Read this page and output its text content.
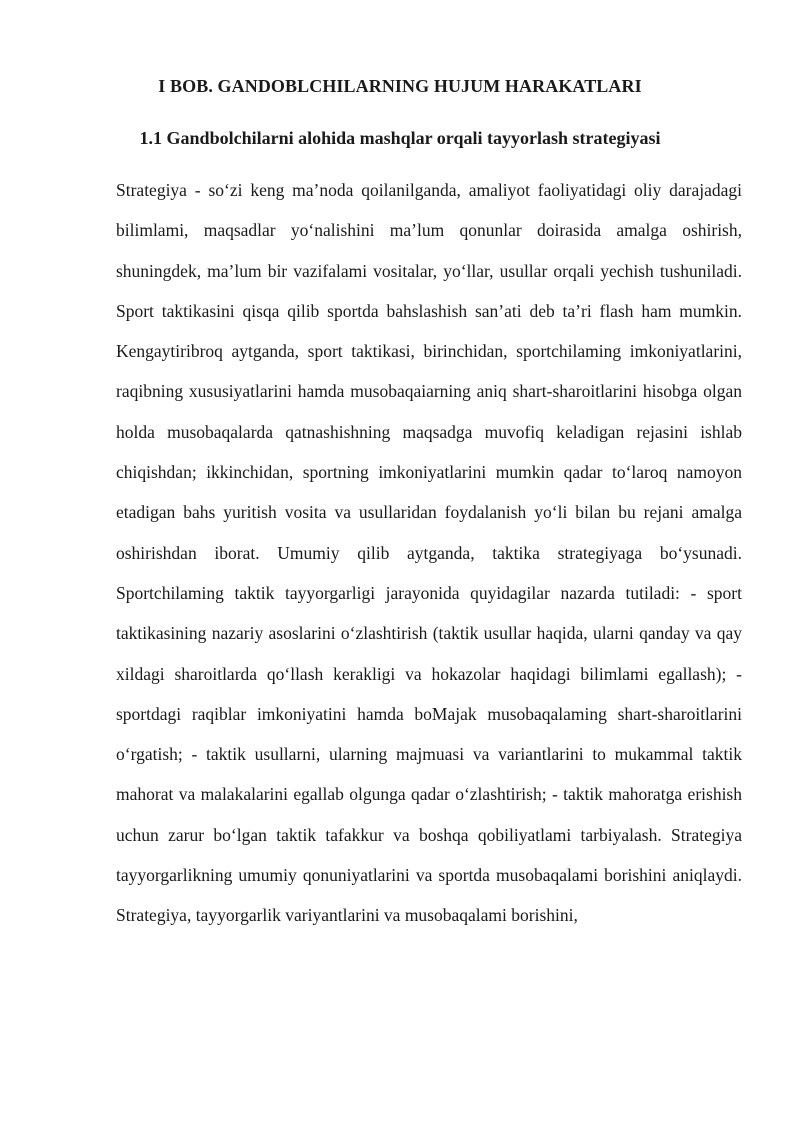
I BOB. GANDOBLCHILARNING HUJUM HARAKATLARI
1.1 Gandbolchilarni alohida mashqlar orqali tayyorlash strategiyasi

Strategiya - so‘zi keng ma’noda qoilanilganda, amaliyot faoliyatidagi oliy darajadagi bilimlami, maqsadlar yo‘nalishini ma’lum qonunlar doirasida amalga oshirish, shuningdek, ma’lum bir vazifalami vositalar, yo‘llar, usullar orqali yechish tushuniladi. Sport taktikasini qisqa qilib sportda bahslashish san’ati deb ta’ri flash ham mumkin. Kengaytiribroq aytganda, sport taktikasi, birinchidan, sportchilaming imkoniyatlarini, raqibning xususiyatlarini hamda musobaqaiarning aniq shart-sharoitlarini hisobga olgan holda musobaqalarda qatnashishning maqsadga muvofiq keladigan rejasini ishlab chiqishdan; ikkinchidan, sportning imkoniyatlarini mumkin qadar to‘laroq namoyon etadigan bahs yuritish vosita va usullaridan foydalanish yo‘li bilan bu rejani amalga oshirishdan iborat. Umumiy qilib aytganda, taktika strategiyaga bo‘ysunadi. Sportchilaming taktik tayyorgarligi jarayonida quyidagilar nazarda tutiladi: - sport taktikasining nazariy asoslarini o‘zlashtirish (taktik usullar haqida, ularni qanday va qay xildagi sharoitlarda qo‘llash kerakligi va hokazolar haqidagi bilimlami egallash); - sportdagi raqiblar imkoniyatini hamda boMajak musobaqalaming shart-sharoitlarini o‘rgatish; - taktik usullarni, ularning majmuasi va variantlarini to mukammal taktik mahorat va malakalarini egallab olgunga qadar o‘zlashtirish; - taktik mahoratga erishish uchun zarur bo‘lgan taktik tafakkur va boshqa qobiliyatlami tarbiyalash. Strategiya tayyorgarlikning umumiy qonuniyatlarini va sportda musobaqalami borishini aniqlaydi. Strategiya, tayyorgarlik variyantlarini va musobaqalami borishini,
